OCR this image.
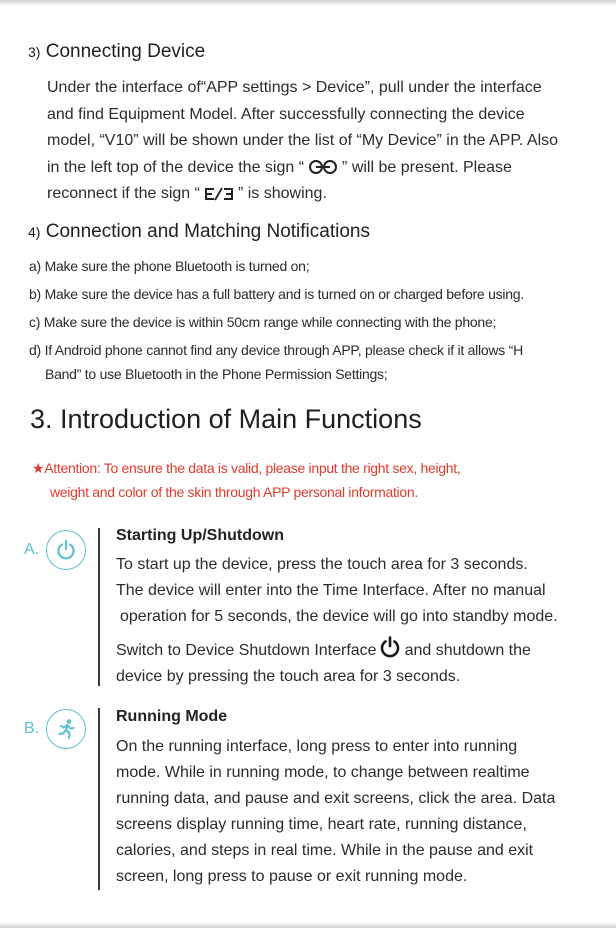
3) Connecting Device
Under the interface of“APP settings > Device”, pull under the interface
and find Equipment Model. After successfully connecting the device
model, “V10” will be shown under the list of “My Device” in the APP. Also
in the left top of the device the sign “ ” will be present. Please
reconnect if the sign “ ” is showing.
4) Connection and Matching Notifications
a) Make sure the phone Bluetooth is turned on;
b) Make sure the device has a full battery and is turned on or charged before using.
c) Make sure the device is within 50cm range while connecting with the phone;
d) If Android phone cannot find any device through APP, please check if it allows “H
Band” to use Bluetooth in the Phone Permission Settings;
3. Introduction of Main Functions
★Attention: To ensure the data is valid, please input the right sex, height,
weight and color of the skin through APP personal information.
A.
Starting Up/Shutdown
To start up the device, press the touch area for 3 seconds.
The device will enter into the Time Interface. After no manual
operation for 5 seconds, the device will go into standby mode.
Switch to Device Shutdown Interface and shutdown the
device by pressing the touch area for 3 seconds.
B.
Running Mode
On the running interface, long press to enter into running
mode. While in running mode, to change between realtime
running data, and pause and exit screens, click the area. Data
screens display running time, heart rate, running distance,
calories, and steps in real time. While in the pause and exit
screen, long press to pause or exit running mode.
